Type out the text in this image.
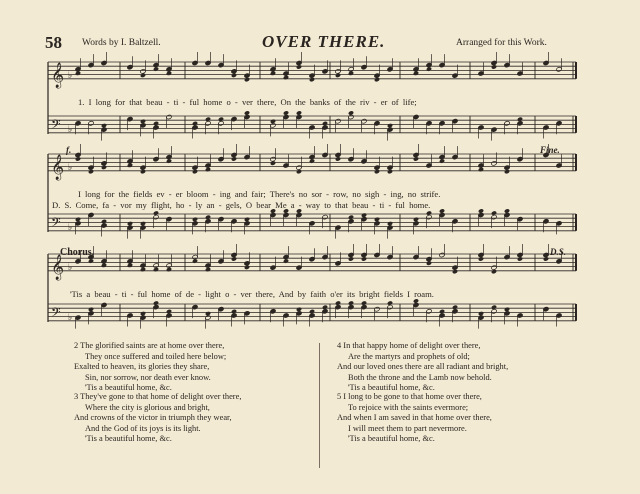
58 Words by I. Baltzell.	OVER THERE.	Arranged for this Work.
𝄞 ♭
𝄢 ♭
𝄞 ♭
𝄢 ♭
𝄞 ♭
𝄢 ♭
f.	Fine.
Chorus.	D.S.
1. I long for that beau - ti - ful home o - ver there, On the banks of the riv - er of life;
I long for the fields ev - er bloom - ing and fair; There's no sor - row, no sigh - ing, no strife.
D. S. Come, fa - vor my flight, ho - ly an - gels, O bear Me a - way to that beau - ti - ful home.
'Tis a beau - ti - ful home of de - light o - ver there, And by faith o'er its bright fields I roam.
2 The glorified saints are at home over there,
They once suffered and toiled here below;
Exalted to heaven, its glories they share,
Sin, nor sorrow, nor death ever know.
'Tis a beautiful home, &c.
3 They've gone to that home of delight over there,
Where the city is glorious and bright,
And crowns of the victor in triumph they wear,
And the God of its joys is its light.
'Tis a beautiful home, &c.
4 In that happy home of delight over there,
Are the martyrs and prophets of old;
And our loved ones there are all radiant and bright,
Both the throne and the Lamb now behold.
'Tis a beautiful home, &c.
5 I long to be gone to that home over there,
To rejoice with the saints evermore;
And when I am saved in that home over there,
I will meet them to part nevermore.
'Tis a beautiful home, &c.
